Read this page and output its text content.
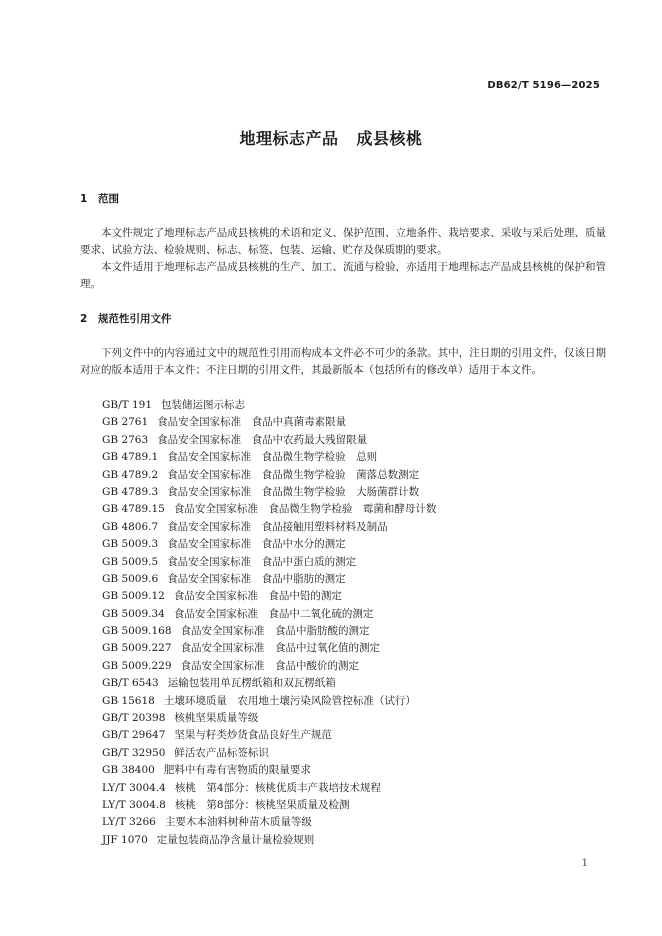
DB62/T 5196—2025
地理标志产品 成县核桃
1 范围

本文件规定了地理标志产品成县核桃的术语和定义、保护范围、立地条件、栽培要求、采收与采后处理、质量要求、试验方法、检验规则、标志、标签、包装、运输、贮存及保质期的要求。

本文件适用于地理标志产品成县核桃的生产、加工、流通与检验，亦适用于地理标志产品成县核桃的保护和管理。

2 规范性引用文件

下列文件中的内容通过文中的规范性引用而构成本文件必不可少的条款。其中，注日期的引用文件，仅该日期对应的版本适用于本文件；不注日期的引用文件，其最新版本（包括所有的修改单）适用于本文件。

GB/T 191 包装储运图示标志
GB 2761 食品安全国家标准　食品中真菌毒素限量
GB 2763 食品安全国家标准　食品中农药最大残留限量
GB 4789.1 食品安全国家标准　食品微生物学检验　总则
GB 4789.2 食品安全国家标准　食品微生物学检验　菌落总数测定
GB 4789.3 食品安全国家标准　食品微生物学检验　大肠菌群计数
GB 4789.15 食品安全国家标准　食品微生物学检验　霉菌和酵母计数
GB 4806.7 食品安全国家标准　食品接触用塑料材料及制品
GB 5009.3 食品安全国家标准　食品中水分的测定
GB 5009.5 食品安全国家标准　食品中蛋白质的测定
GB 5009.6 食品安全国家标准　食品中脂肪的测定
GB 5009.12 食品安全国家标准　食品中铅的测定
GB 5009.34 食品安全国家标准　食品中二氧化硫的测定
GB 5009.168 食品安全国家标准　食品中脂肪酸的测定
GB 5009.227 食品安全国家标准　食品中过氧化值的测定
GB 5009.229 食品安全国家标准　食品中酸价的测定
GB/T 6543 运输包装用单瓦楞纸箱和双瓦楞纸箱
GB 15618 土壤环境质量　农用地土壤污染风险管控标准（试行）
GB/T 20398 核桃坚果质量等级
GB/T 29647 坚果与籽类炒货食品良好生产规范
GB/T 32950 鲜活农产品标签标识
GB 38400 肥料中有毒有害物质的限量要求
LY/T 3004.4 核桃　第4部分：核桃优质丰产栽培技术规程
LY/T 3004.8 核桃　第8部分：核桃坚果质量及检测
LY/T 3266 主要木本油料树种苗木质量等级
JJF 1070 定量包装商品净含量计量检验规则
1
